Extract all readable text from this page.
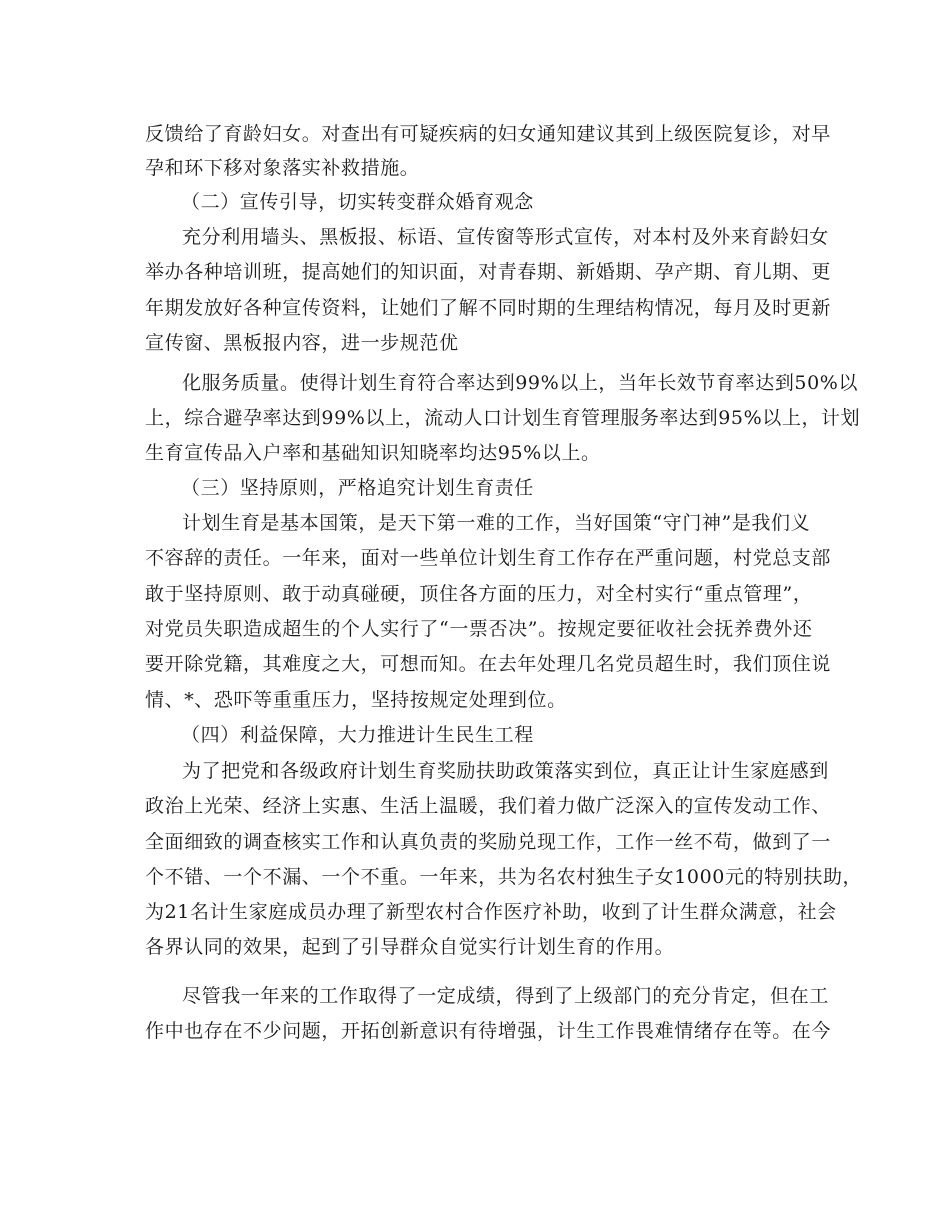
反馈给了育龄妇女。对查出有可疑疾病的妇女通知建议其到上级医院复诊，对早
孕和环下移对象落实补救措施。
（二）宣传引导，切实转变群众婚育观念
充分利用墙头、黑板报、标语、宣传窗等形式宣传，对本村及外来育龄妇女
举办各种培训班，提高她们的知识面，对青春期、新婚期、孕产期、育儿期、更
年期发放好各种宣传资料，让她们了解不同时期的生理结构情况，每月及时更新
宣传窗、黑板报内容，进一步规范优
化服务质量。使得计划生育符合率达到99%以上，当年长效节育率达到50%以
上，综合避孕率达到99%以上，流动人口计划生育管理服务率达到95%以上，计划
生育宣传品入户率和基础知识知晓率均达95%以上。
（三）坚持原则，严格追究计划生育责任
计划生育是基本国策，是天下第一难的工作，当好国策“守门神”是我们义
不容辞的责任。一年来，面对一些单位计划生育工作存在严重问题，村党总支部
敢于坚持原则、敢于动真碰硬，顶住各方面的压力，对全村实行“重点管理”，
对党员失职造成超生的个人实行了“一票否决”。按规定要征收社会抚养费外还
要开除党籍，其难度之大，可想而知。在去年处理几名党员超生时，我们顶住说
情、*、恐吓等重重压力，坚持按规定处理到位。
（四）利益保障，大力推进计生民生工程
为了把党和各级政府计划生育奖励扶助政策落实到位，真正让计生家庭感到
政治上光荣、经济上实惠、生活上温暖，我们着力做广泛深入的宣传发动工作、
全面细致的调查核实工作和认真负责的奖励兑现工作，工作一丝不苟，做到了一
个不错、一个不漏、一个不重。一年来，共为名农村独生子女1000元的特别扶助，
为21名计生家庭成员办理了新型农村合作医疗补助，收到了计生群众满意，社会
各界认同的效果，起到了引导群众自觉实行计划生育的作用。
尽管我一年来的工作取得了一定成绩，得到了上级部门的充分肯定，但在工
作中也存在不少问题，开拓创新意识有待增强，计生工作畏难情绪存在等。在今
